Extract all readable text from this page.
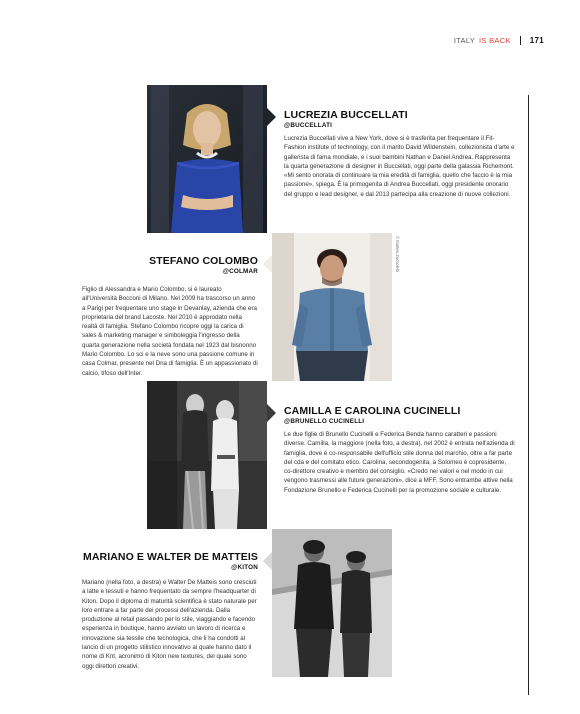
ITALY IS BACK 171
LUCREZIA BUCCELLATI
@BUCCELLATI

Lucrezia Buccellati vive a New York, dove si è trasferita per frequentare il Fit-Fashion institute of technology, con il marito David Wildenstein, collezionista d'arte e gallerista di fama mondiale, e i suoi bambini Nathan e Daniel Andrea. Rappresenta la quarta generazione di designer in Buccellati, oggi parte della galassia Richemont. «Mi sento onorata di continuare la mia eredità di famiglia, quello che faccio è la mia passione», spiega. È la primogenita di Andrea Buccellati, oggi presidente onorario del gruppo e lead designer, e dal 2013 partecipa alla creazione di nuove collezioni.

© Matteo Zoccoletti
STEFANO COLOMBO
@COLMAR

Figlio di Alessandra e Mario Colombo, si è laureato all'Università Bocconi di Milano. Nel 2009 ha trascorso un anno a Parigi per frequentare uno stage in Devanlay, azienda che era proprietaria del brand Lacoste. Nel 2010 è approdato nella realtà di famiglia. Stefano Colombo ricopre oggi la carica di sales & marketing manager e simboleggia l'ingresso della quarta generazione nella società fondata nel 1923 dal bisnonno Mario Colombo. Lo sci e la neve sono una passione comune in casa Colmar, presente nel Dna di famiglia. È un appassionato di calcio, tifoso dell'Inter.

CAMILLA E CAROLINA CUCINELLI
@BRUNELLO CUCINELLI

Le due figlie di Brunello Cucinelli e Federica Benda hanno caratteri e passioni diverse. Camilla, la maggiore (nella foto, a destra), nel 2002 è entrata nell'azienda di famiglia, dove è co-responsabile dell'ufficio stile donna del marchio, oltre a far parte del cda e del comitato etico. Carolina, secondogenita, a Solomeo è copresidente, co-direttore creativo e membro del consiglio. «Credo nei valori e nel modo in cui vengono trasmessi alle future generazioni», dice a MFF. Sono entrambe attive nella Fondazione Brunello e Federica Cucinelli per la promozione sociale e culturale.

MARIANO E WALTER DE MATTEIS
@KITON

Mariano (nella foto, a destra) e Walter De Matteis sono cresciuti a latte e tessuti e hanno frequentato da sempre l'headquarter di Kiton. Dopo il diploma di maturità scientifica è stato naturale per loro entrare a far parte dei processi dell'azienda. Dalla produzione al retail passando per lo stile, viaggiando e facendo esperienza in boutique, hanno avviato un lavoro di ricerca e innovazione sia tessile che tecnologica, che li ha condotti al lancio di un progetto stilistico innovativo al quale hanno dato il nome di Knt, acronimo di Kiton new textures, del quale sono oggi direttori creativi.
